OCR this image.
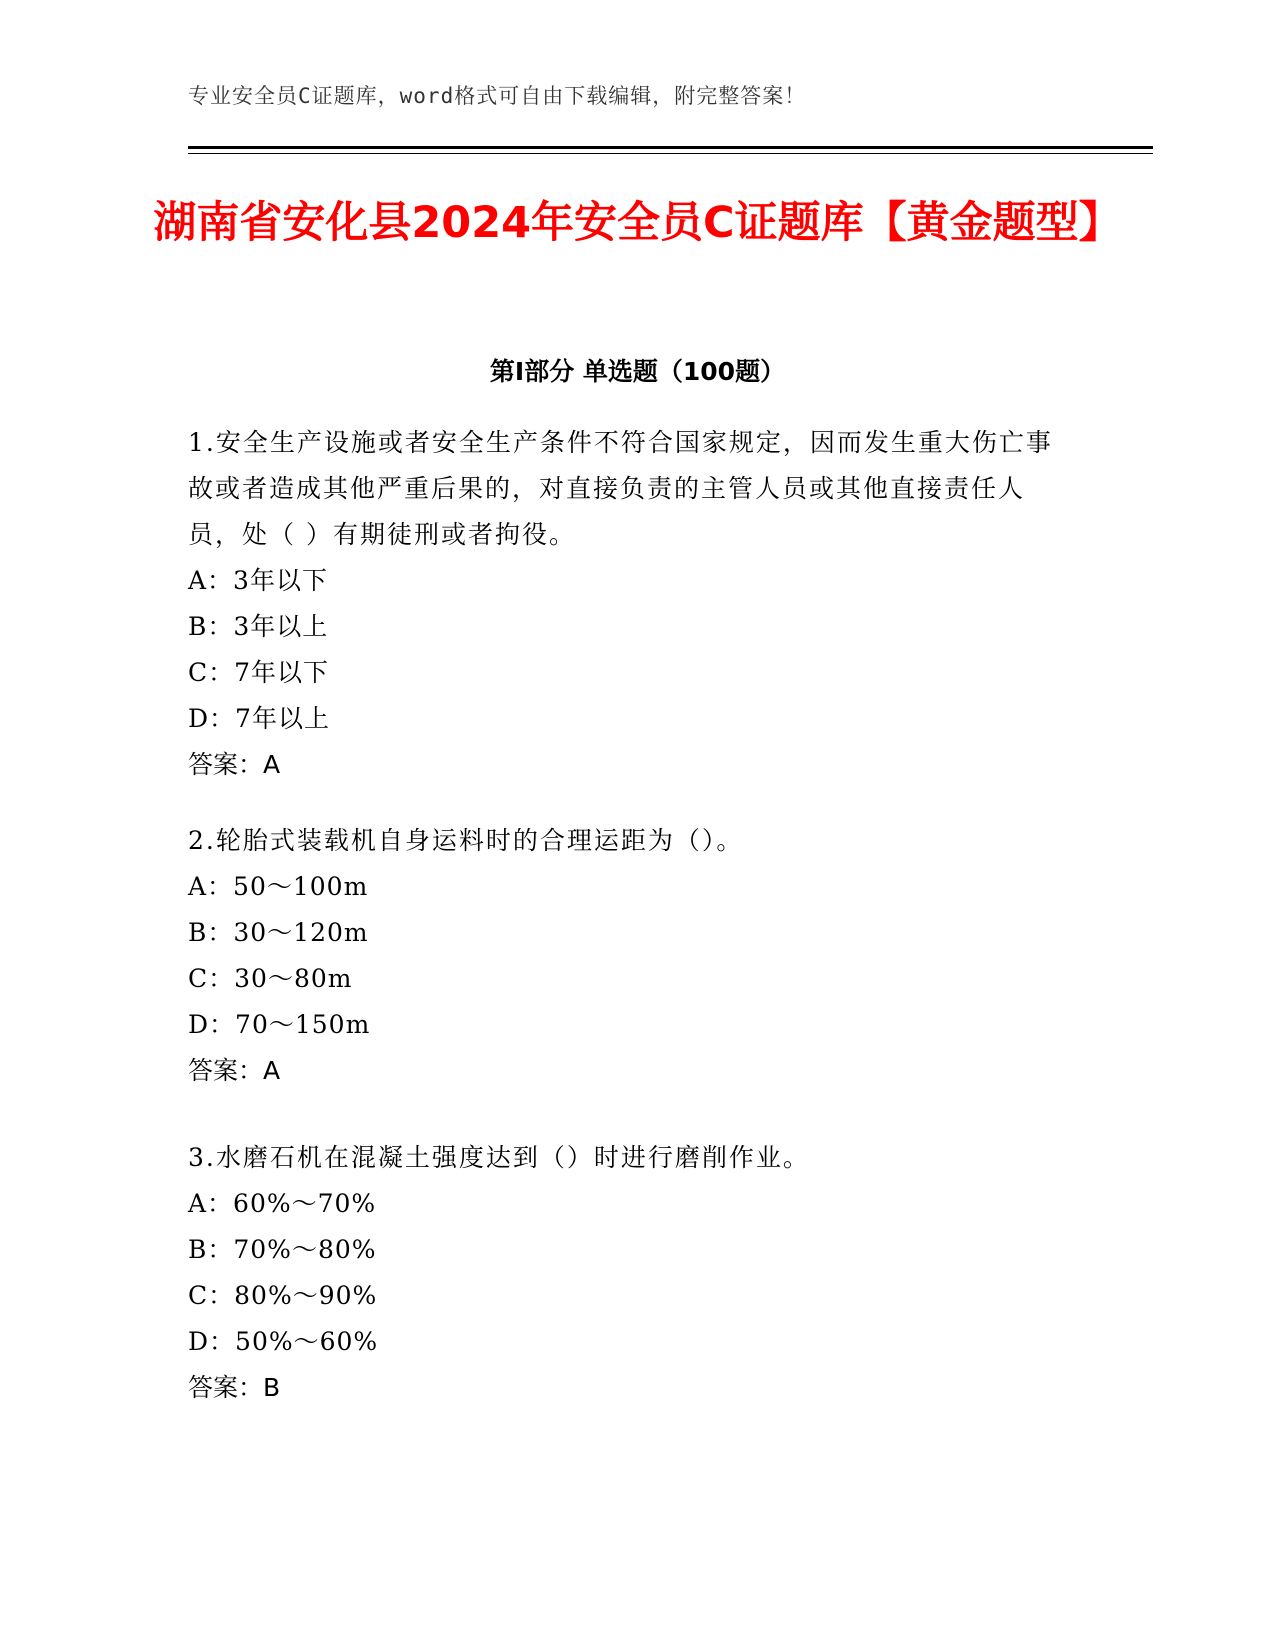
专业安全员C证题库，word格式可自由下载编辑，附完整答案！
湖南省安化县2024年安全员C证题库【黄金题型】
第Ⅰ部分 单选题（100题）

1.安全生产设施或者安全生产条件不符合国家规定，因而发生重大伤亡事故或者造成其他严重后果的，对直接负责的主管人员或其他直接责任人员，处（ ）有期徒刑或者拘役。

A：3年以下

B：3年以上

C：7年以下

D：7年以上

答案：A

2.轮胎式装载机自身运料时的合理运距为（）。

A：50～100m

B：30～120m

C：30～80m

D：70～150m

答案：A

3.水磨石机在混凝土强度达到（）时进行磨削作业。

A：60%～70%

B：70%～80%

C：80%～90%

D：50%～60%

答案：B
